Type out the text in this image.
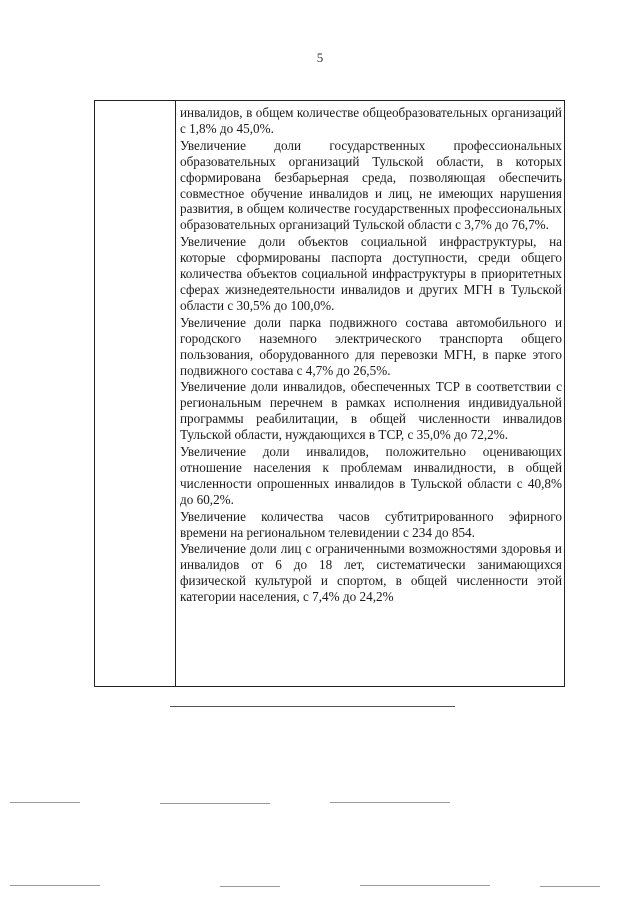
5

инвалидов, в общем количестве общеобразовательных организаций с 1,8% до 45,0%.

Увеличение доли государственных профессиональных образовательных организаций Тульской области, в которых сформирована безбарьерная среда, позволяющая обеспечить совместное обучение инвалидов и лиц, не имеющих нарушения развития, в общем количестве государственных профессиональных образовательных организаций Тульской области с 3,7% до 76,7%.

Увеличение доли объектов социальной инфраструктуры, на которые сформированы паспорта доступности, среди общего количества объектов социальной инфраструктуры в приоритетных сферах жизнедеятельности инвалидов и других МГН в Тульской области с 30,5% до 100,0%.

Увеличение доли парка подвижного состава автомобильного и городского наземного электрического транспорта общего пользования, оборудованного для перевозки МГН, в парке этого подвижного состава с 4,7% до 26,5%.

Увеличение доли инвалидов, обеспеченных ТСР в соответствии с региональным перечнем в рамках исполнения индивидуальной программы реабилитации, в общей численности инвалидов Тульской области, нуждающихся в ТСР, с 35,0% до 72,2%.

Увеличение доли инвалидов, положительно оценивающих отношение населения к проблемам инвалидности, в общей численности опрошенных инвалидов в Тульской области с 40,8% до 60,2%.

Увеличение количества часов субтитрированного эфирного времени на региональном телевидении с 234 до 854.

Увеличение доли лиц с ограниченными возможностями здоровья и инвалидов от 6 до 18 лет, систематически занимающихся физической культурой и спортом, в общей численности этой категории населения, с 7,4% до 24,2%
